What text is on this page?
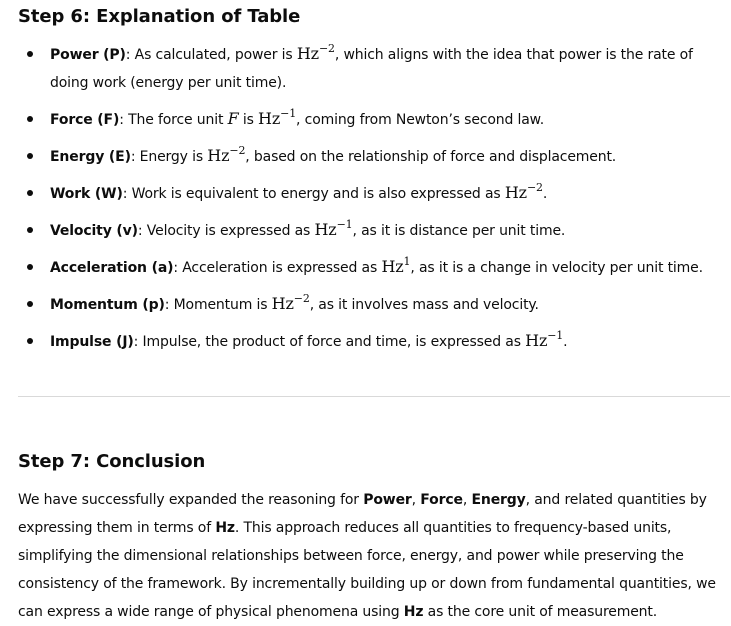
Step 6: Explanation of Table
Power (P): As calculated, power is $Hz^{-2}$, which aligns with the idea that power is the rate of doing work (energy per unit time).
Force (F): The force unit F is $Hz^{-1}$, coming from Newton’s second law.
Energy (E): Energy is $Hz^{-2}$, based on the relationship of force and displacement.
Work (W): Work is equivalent to energy and is also expressed as $Hz^{-2}$.
Velocity (v): Velocity is expressed as $Hz^{-1}$, as it is distance per unit time.
Acceleration (a): Acceleration is expressed as Hz$^1$, as it is a change in velocity per unit time.
Momentum (p): Momentum is $Hz^{-2}$, as it involves mass and velocity.
Impulse (J): Impulse, the product of force and time, is expressed as $Hz^{-1}$.
Step 7: Conclusion

We have successfully expanded the reasoning for Power, Force, Energy, and related quantities by expressing them in terms of Hz. This approach reduces all quantities to frequency-based units, simplifying the dimensional relationships between force, energy, and power while preserving the consistency of the framework. By incrementally building up or down from fundamental quantities, we can express a wide range of physical phenomena using Hz as the core unit of measurement.
